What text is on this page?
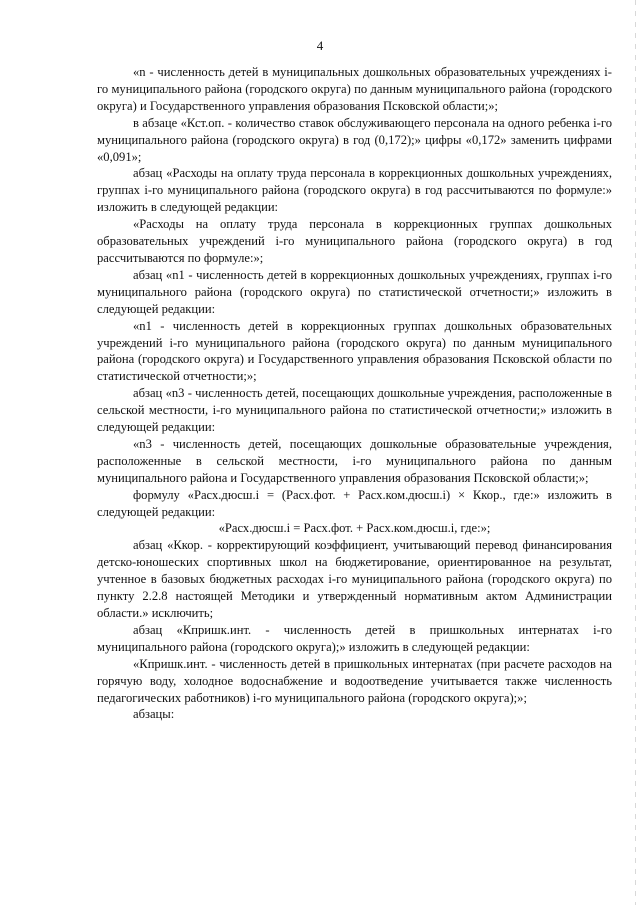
4

«n - численность детей в муниципальных дошкольных образовательных учреждениях i-го муниципального района (городского округа) по данным муниципального района (городского округа) и Государственного управления образования Псковской области;»;

в абзаце «Кст.оп. - количество ставок обслуживающего персонала на одного ребенка i-го муниципального района (городского округа) в год (0,172);» цифры «0,172» заменить цифрами «0,091»;

абзац «Расходы на оплату труда персонала в коррекционных дошкольных учреждениях, группах i-го муниципального района (городского округа) в год рассчитываются по формуле:» изложить в следующей редакции:

«Расходы на оплату труда персонала в коррекционных группах дошкольных образовательных учреждений i-го муниципального района (городского округа) в год рассчитываются по формуле:»;

абзац «n1 - численность детей в коррекционных дошкольных учреждениях, группах i-го муниципального района (городского округа) по статистической отчетности;» изложить в следующей редакции:

«n1 - численность детей в коррекционных группах дошкольных образовательных учреждений i-го муниципального района (городского округа) по данным муниципального района (городского округа) и Государственного управления образования Псковской области по статистической отчетности;»;

абзац «n3 - численность детей, посещающих дошкольные учреждения, расположенные в сельской местности, i-го муниципального района по статистической отчетности;» изложить в следующей редакции:

«n3 - численность детей, посещающих дошкольные образовательные учреждения, расположенные в сельской местности, i-го муниципального района по данным муниципального района и Государственного управления образования Псковской области;»;

формулу «Расх.дюсш.i = (Расх.фот. + Расх.ком.дюсш.i) × Ккор., где:» изложить в следующей редакции:

«Расх.дюсш.i = Расх.фот. + Расх.ком.дюсш.i, где:»;

абзац «Ккор. - корректирующий коэффициент, учитывающий перевод финансирования детско-юношеских спортивных школ на бюджетирование, ориентированное на результат, учтенное в базовых бюджетных расходах i-го муниципального района (городского округа) по пункту 2.2.8 настоящей Методики и утвержденный нормативным актом Администрации области.» исключить;

абзац «Кпришк.инт. - численность детей в пришкольных интернатах i-го муниципального района (городского округа);» изложить в следующей редакции:

«Кпришк.инт. - численность детей в пришкольных интернатах (при расчете расходов на горячую воду, холодное водоснабжение и водоотведение учитывается также численность педагогических работников) i-го муниципального района (городского округа);»;

абзацы:
